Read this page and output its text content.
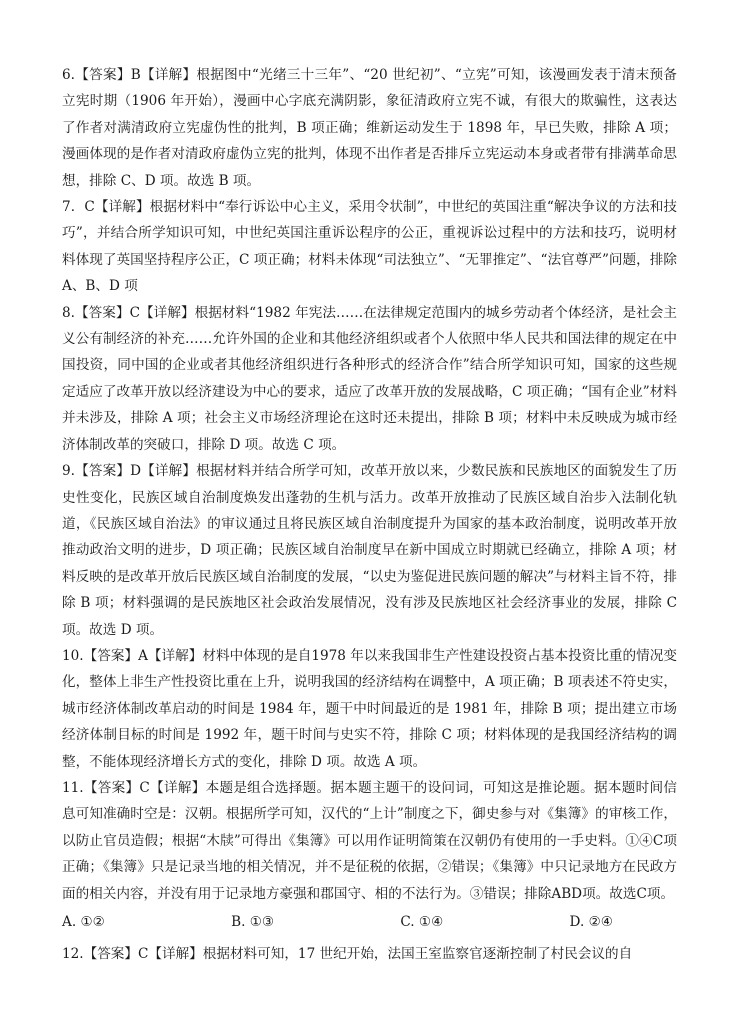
6.【答案】B【详解】根据图中“光绪三十三年”、“20 世纪初”、“立宪”可知，该漫画发表于清末预备立宪时期（1906 年开始），漫画中心字底充满阴影，象征清政府立宪不诚，有很大的欺骗性，这表达了作者对满清政府立宪虚伪性的批判，B 项正确；维新运动发生于 1898 年，早已失败，排除 A 项；漫画体现的是作者对清政府虚伪立宪的批判，体现不出作者是否排斥立宪运动本身或者带有排满革命思想，排除 C、D 项。故选 B 项。

7．C【详解】根据材料中“奉行诉讼中心主义，采用令状制”，中世纪的英国注重“解决争议的方法和技巧”，并结合所学知识可知，中世纪英国注重诉讼程序的公正，重视诉讼过程中的方法和技巧，说明材料体现了英国坚持程序公正，C 项正确；材料未体现“司法独立”、“无罪推定”、“法官尊严”问题，排除 A、B、D 项

8.【答案】C【详解】根据材料“1982 年宪法……在法律规定范围内的城乡劳动者个体经济，是社会主义公有制经济的补充……允许外国的企业和其他经济组织或者个人依照中华人民共和国法律的规定在中国投资，同中国的企业或者其他经济组织进行各种形式的经济合作”结合所学知识可知，国家的这些规定适应了改革开放以经济建设为中心的要求，适应了改革开放的发展战略，C 项正确；“国有企业”材料并未涉及，排除 A 项；社会主义市场经济理论在这时还未提出，排除 B 项；材料中未反映成为城市经济体制改革的突破口，排除 D 项。故选 C 项。

9.【答案】D【详解】根据材料并结合所学可知，改革开放以来，少数民族和民族地区的面貌发生了历史性变化，民族区域自治制度焕发出蓬勃的生机与活力。改革开放推动了民族区域自治步入法制化轨道，《民族区域自治法》的审议通过且将民族区域自治制度提升为国家的基本政治制度，说明改革开放推动政治文明的进步，D 项正确；民族区域自治制度早在新中国成立时期就已经确立，排除 A 项；材料反映的是改革开放后民族区域自治制度的发展，“以史为鉴促进民族问题的解决”与材料主旨不符，排除 B 项；材料强调的是民族地区社会政治发展情况，没有涉及民族地区社会经济事业的发展，排除 C 项。故选 D 项。

10.【答案】A【详解】材料中体现的是自1978 年以来我国非生产性建设投资占基本投资比重的情况变化，整体上非生产性投资比重在上升，说明我国的经济结构在调整中，A 项正确；B 项表述不符史实，城市经济体制改革启动的时间是 1984 年，题干中时间最近的是 1981 年，排除 B 项；提出建立市场经济体制目标的时间是 1992 年，题干时间与史实不符，排除 C 项；材料体现的是我国经济结构的调整，不能体现经济增长方式的变化，排除 D 项。故选 A 项。

11.【答案】C【详解】本题是组合选择题。据本题主题干的设问词，可知这是推论题。据本题时间信息可知准确时空是：汉朝。根据所学可知，汉代的“上计”制度之下，御史参与对《集簿》的审核工作，以防止官员造假；根据“木牍”可得出《集簿》可以用作证明简策在汉朝仍有使用的一手史料。①④C项正确；《集簿》只是记录当地的相关情况，并不是征税的依据，②错误；《集簿》中只记录地方在民政方面的相关内容，并没有用于记录地方豪强和郡国守、相的不法行为。③错误；排除ABD项。故选C项。

A. ①②	B. ①③	C. ①④	D. ②④

12.【答案】C【详解】根据材料可知，17 世纪开始，法国王室监察官逐渐控制了村民会议的自
